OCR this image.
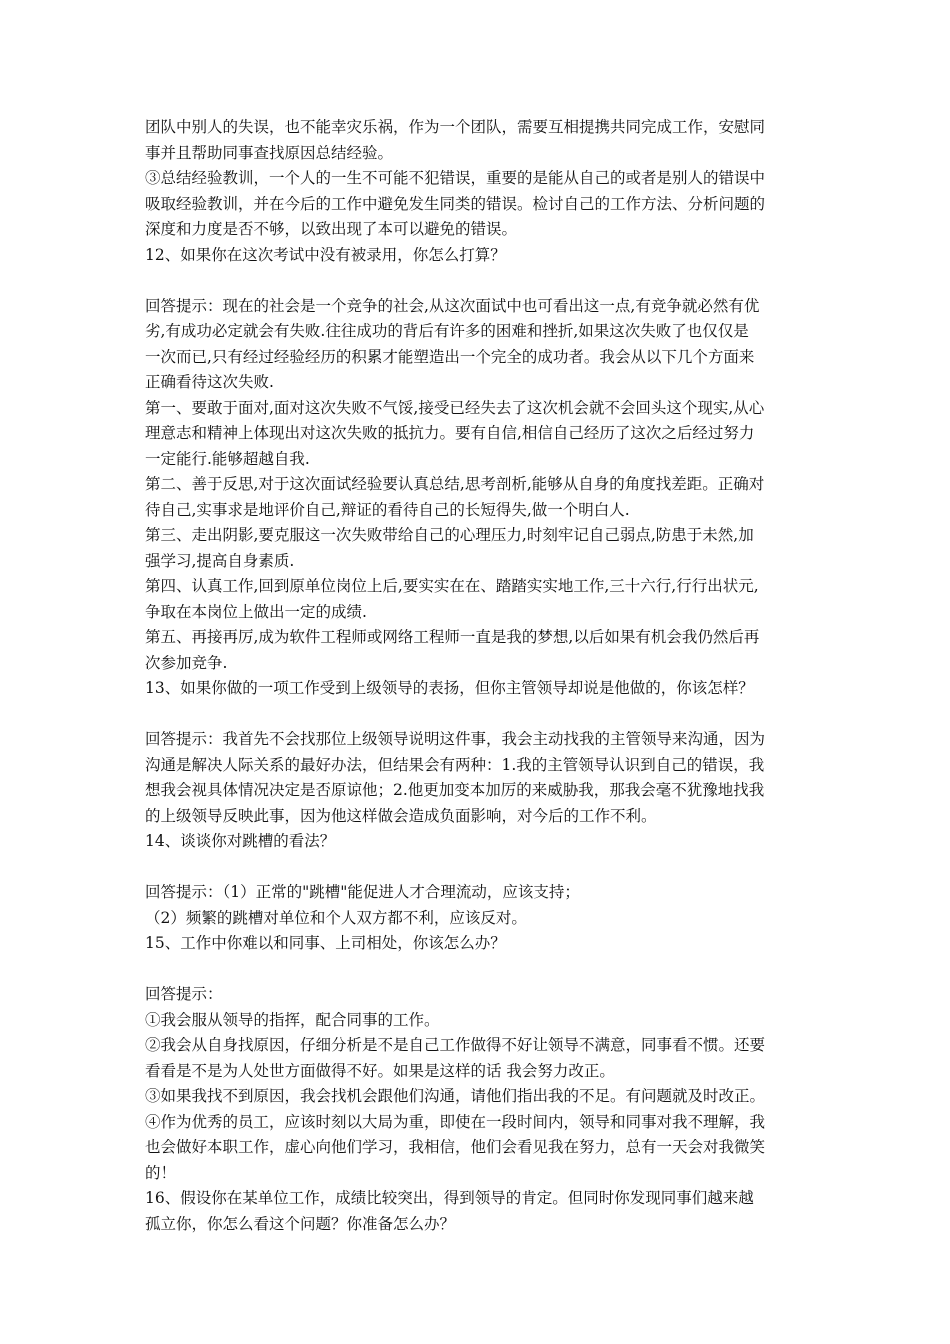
团队中别人的失误，也不能幸灾乐祸，作为一个团队，需要互相提携共同完成工作，安慰同
事并且帮助同事查找原因总结经验。
③总结经验教训，一个人的一生不可能不犯错误，重要的是能从自己的或者是别人的错误中
吸取经验教训，并在今后的工作中避免发生同类的错误。检讨自己的工作方法、分析问题的
深度和力度是否不够，以致出现了本可以避免的错误。
12、如果你在这次考试中没有被录用，你怎么打算？
回答提示：现在的社会是一个竞争的社会,从这次面试中也可看出这一点,有竞争就必然有优
劣,有成功必定就会有失败.往往成功的背后有许多的困难和挫折,如果这次失败了也仅仅是
一次而已,只有经过经验经历的积累才能塑造出一个完全的成功者。我会从以下几个方面来
正确看待这次失败.
第一、要敢于面对,面对这次失败不气馁,接受已经失去了这次机会就不会回头这个现实,从心
理意志和精神上体现出对这次失败的抵抗力。要有自信,相信自己经历了这次之后经过努力
一定能行.能够超越自我.
第二、善于反思,对于这次面试经验要认真总结,思考剖析,能够从自身的角度找差距。正确对
待自己,实事求是地评价自己,辩证的看待自己的长短得失,做一个明白人.
第三、走出阴影,要克服这一次失败带给自己的心理压力,时刻牢记自己弱点,防患于未然,加
强学习,提高自身素质.
第四、认真工作,回到原单位岗位上后,要实实在在、踏踏实实地工作,三十六行,行行出状元,
争取在本岗位上做出一定的成绩.
第五、再接再厉,成为软件工程师或网络工程师一直是我的梦想,以后如果有机会我仍然后再
次参加竞争.
13、如果你做的一项工作受到上级领导的表扬，但你主管领导却说是他做的，你该怎样？
回答提示：我首先不会找那位上级领导说明这件事，我会主动找我的主管领导来沟通，因为
沟通是解决人际关系的最好办法，但结果会有两种：1.我的主管领导认识到自己的错误，我
想我会视具体情况决定是否原谅他；2.他更加变本加厉的来威胁我，那我会毫不犹豫地找我
的上级领导反映此事，因为他这样做会造成负面影响，对今后的工作不利。
14、谈谈你对跳槽的看法？
回答提示：（1）正常的"跳槽"能促进人才合理流动，应该支持；
（2）频繁的跳槽对单位和个人双方都不利，应该反对。
15、工作中你难以和同事、上司相处，你该怎么办？
回答提示：
①我会服从领导的指挥，配合同事的工作。
②我会从自身找原因，仔细分析是不是自己工作做得不好让领导不满意，同事看不惯。还要
看看是不是为人处世方面做得不好。如果是这样的话 我会努力改正。
③如果我找不到原因，我会找机会跟他们沟通，请他们指出我的不足。有问题就及时改正。
④作为优秀的员工，应该时刻以大局为重，即使在一段时间内，领导和同事对我不理解，我
也会做好本职工作，虚心向他们学习，我相信，他们会看见我在努力，总有一天会对我微笑
的！
16、假设你在某单位工作，成绩比较突出，得到领导的肯定。但同时你发现同事们越来越
孤立你，你怎么看这个问题？你准备怎么办？
